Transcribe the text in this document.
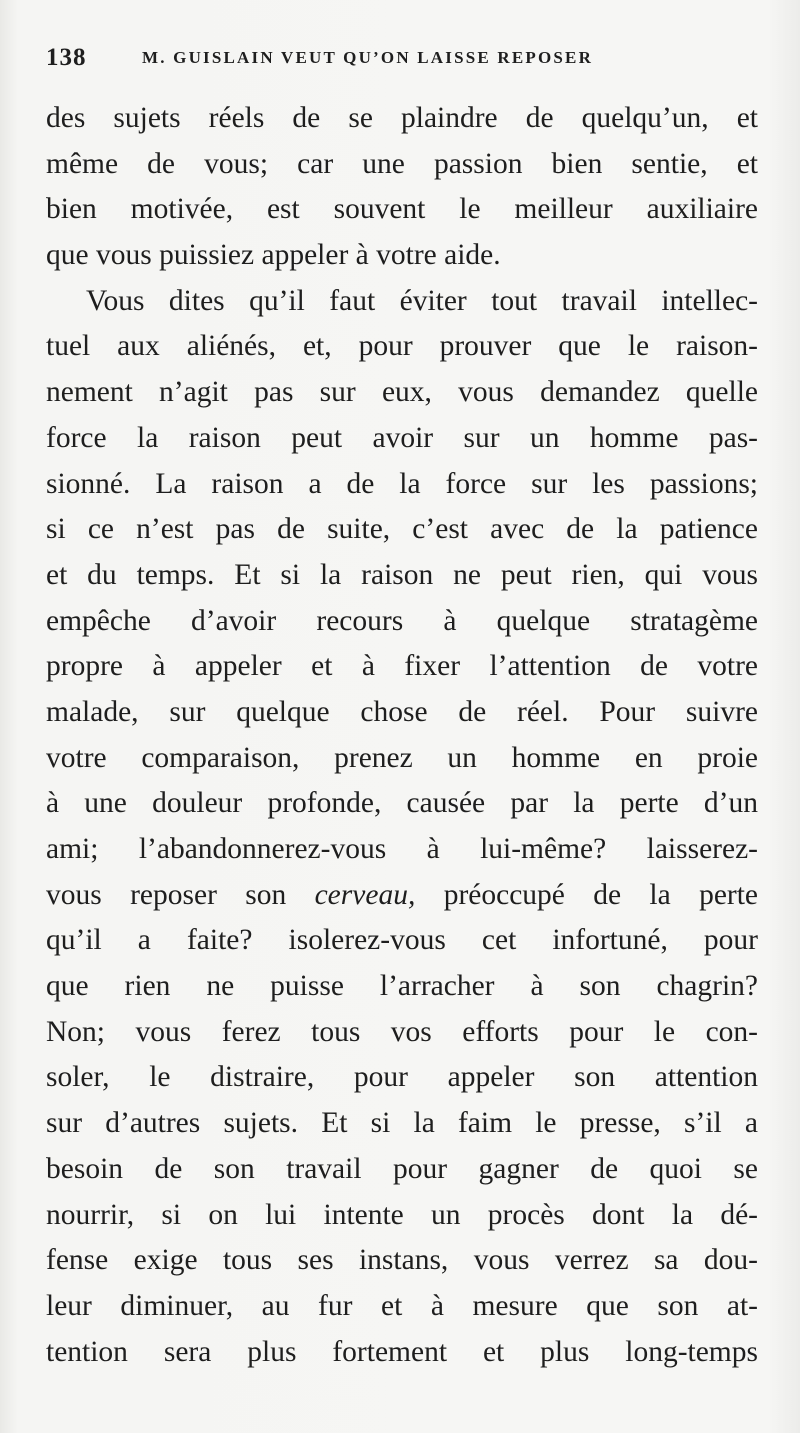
138	M. GUISLAIN VEUT QU’ON LAISSE REPOSER
des sujets réels de se plaindre de quelqu’un, et
même de vous; car une passion bien sentie, et
bien motivée, est souvent le meilleur auxiliaire
que vous puissiez appeler à votre aide.
Vous dites qu’il faut éviter tout travail intellec-
tuel aux aliénés, et, pour prouver que le raison-
nement n’agit pas sur eux, vous demandez quelle
force la raison peut avoir sur un homme pas-
sionné. La raison a de la force sur les passions;
si ce n’est pas de suite, c’est avec de la patience
et du temps. Et si la raison ne peut rien, qui vous
empêche d’avoir recours à quelque stratagème
propre à appeler et à fixer l’attention de votre
malade, sur quelque chose de réel. Pour suivre
votre comparaison, prenez un homme en proie
à une douleur profonde, causée par la perte d’un
ami; l’abandonnerez-vous à lui-même? laisserez-
vous reposer son cerveau, préoccupé de la perte
qu’il a faite? isolerez-vous cet infortuné, pour
que rien ne puisse l’arracher à son chagrin?
Non; vous ferez tous vos efforts pour le con-
soler, le distraire, pour appeler son attention
sur d’autres sujets. Et si la faim le presse, s’il a
besoin de son travail pour gagner de quoi se
nourrir, si on lui intente un procès dont la dé-
fense exige tous ses instans, vous verrez sa dou-
leur diminuer, au fur et à mesure que son at-
tention sera plus fortement et plus long-temps
